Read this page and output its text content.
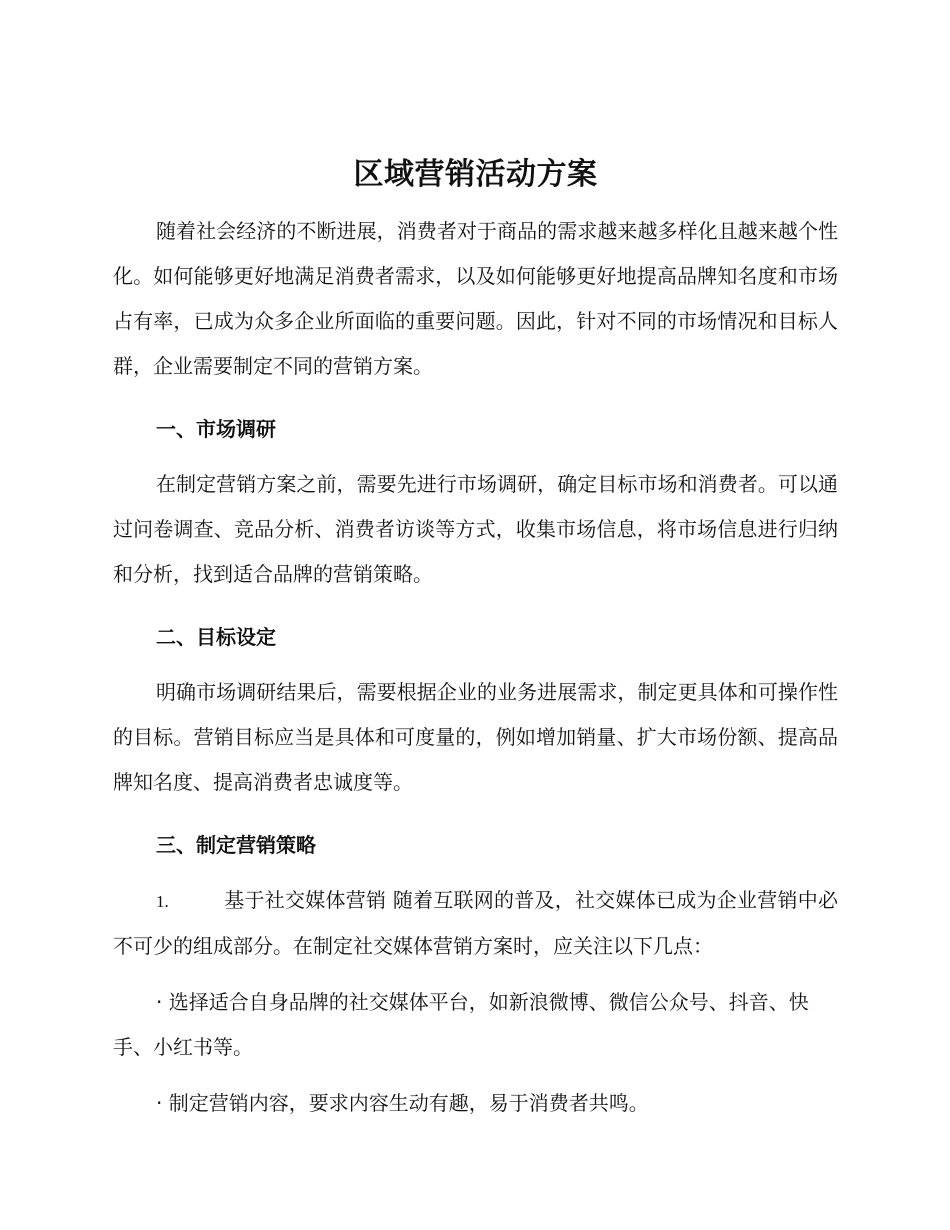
区域营销活动方案

随着社会经济的不断进展，消费者对于商品的需求越来越多样化且越来越个性化。如何能够更好地满足消费者需求，以及如何能够更好地提高品牌知名度和市场占有率，已成为众多企业所面临的重要问题。因此，针对不同的市场情况和目标人群，企业需要制定不同的营销方案。

一、市场调研

在制定营销方案之前，需要先进行市场调研，确定目标市场和消费者。可以通过问卷调查、竞品分析、消费者访谈等方式，收集市场信息，将市场信息进行归纳和分析，找到适合品牌的营销策略。

二、目标设定

明确市场调研结果后，需要根据企业的业务进展需求，制定更具体和可操作性的目标。营销目标应当是具体和可度量的，例如增加销量、扩大市场份额、提高品牌知名度、提高消费者忠诚度等。

三、制定营销策略

1.	基于社交媒体营销 随着互联网的普及，社交媒体已成为企业营销中必不可少的组成部分。在制定社交媒体营销方案时，应关注以下几点：

· 选择适合自身品牌的社交媒体平台，如新浪微博、微信公众号、抖音、快手、小红书等。

· 制定营销内容，要求内容生动有趣，易于消费者共鸣。
